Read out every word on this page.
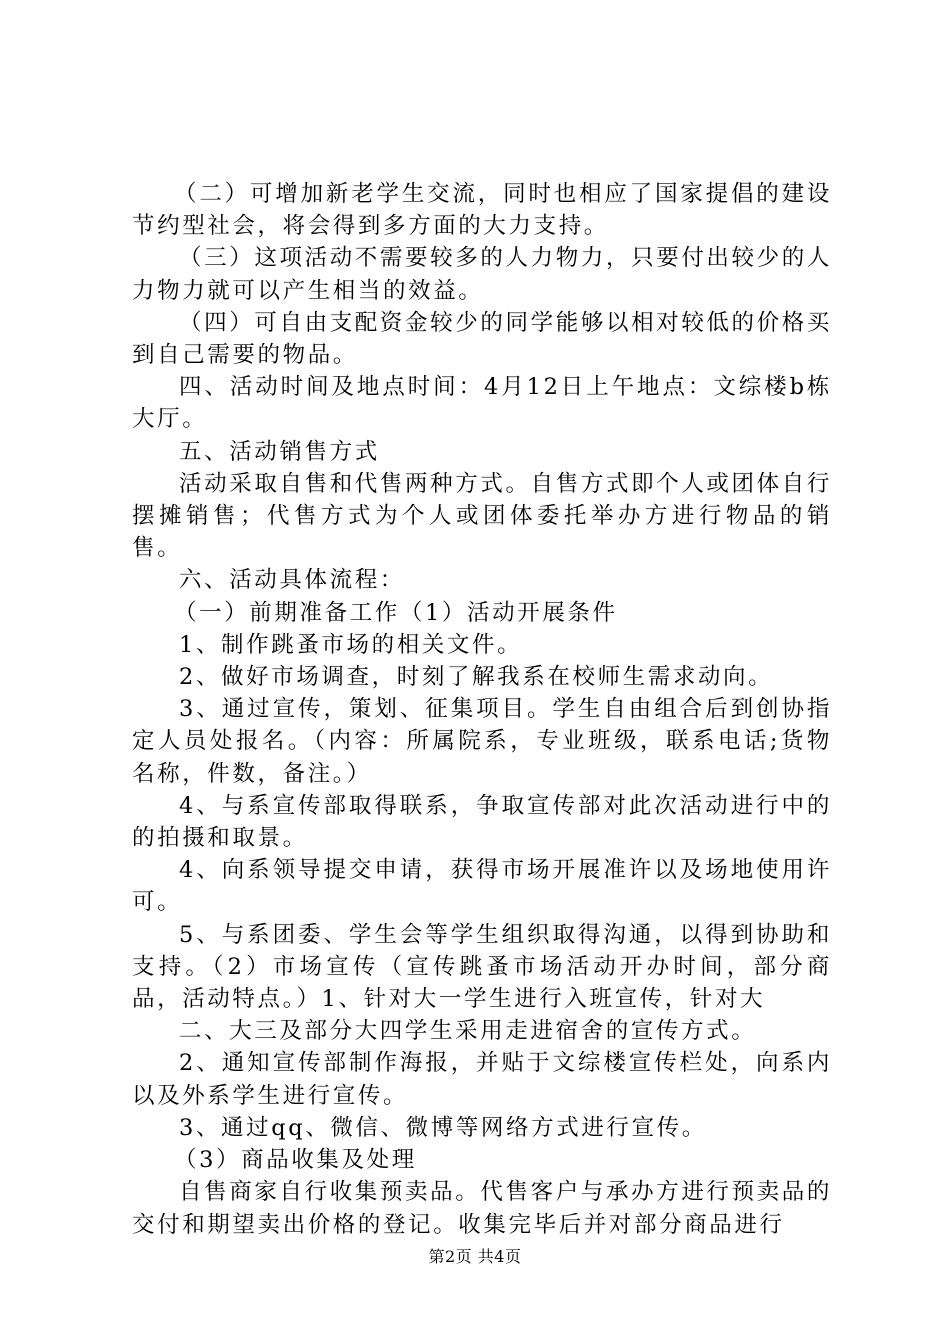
（二）可增加新老学生交流，同时也相应了国家提倡的建设节约型社会，将会得到多方面的大力支持。

（三）这项活动不需要较多的人力物力，只要付出较少的人力物力就可以产生相当的效益。

（四）可自由支配资金较少的同学能够以相对较低的价格买到自己需要的物品。

四、活动时间及地点时间：4月12日上午地点：文综楼b栋大厅。

五、活动销售方式

活动采取自售和代售两种方式。自售方式即个人或团体自行摆摊销售；代售方式为个人或团体委托举办方进行物品的销售。

六、活动具体流程：

（一）前期准备工作（1）活动开展条件

1、制作跳蚤市场的相关文件。

2、做好市场调查，时刻了解我系在校师生需求动向。

3、通过宣传，策划、征集项目。学生自由组合后到创协指定人员处报名。（内容：所属院系，专业班级，联系电话;货物名称，件数，备注。）

4、与系宣传部取得联系，争取宣传部对此次活动进行中的的拍摄和取景。

4、向系领导提交申请，获得市场开展准许以及场地使用许可。

5、与系团委、学生会等学生组织取得沟通，以得到协助和支持。（2）市场宣传（宣传跳蚤市场活动开办时间，部分商品，活动特点。）1、针对大一学生进行入班宣传，针对大

二、大三及部分大四学生采用走进宿舍的宣传方式。

2、通知宣传部制作海报，并贴于文综楼宣传栏处，向系内以及外系学生进行宣传。

3、通过qq、微信、微博等网络方式进行宣传。

（3）商品收集及处理

自售商家自行收集预卖品。代售客户与承办方进行预卖品的交付和期望卖出价格的登记。收集完毕后并对部分商品进行

第2页 共4页
